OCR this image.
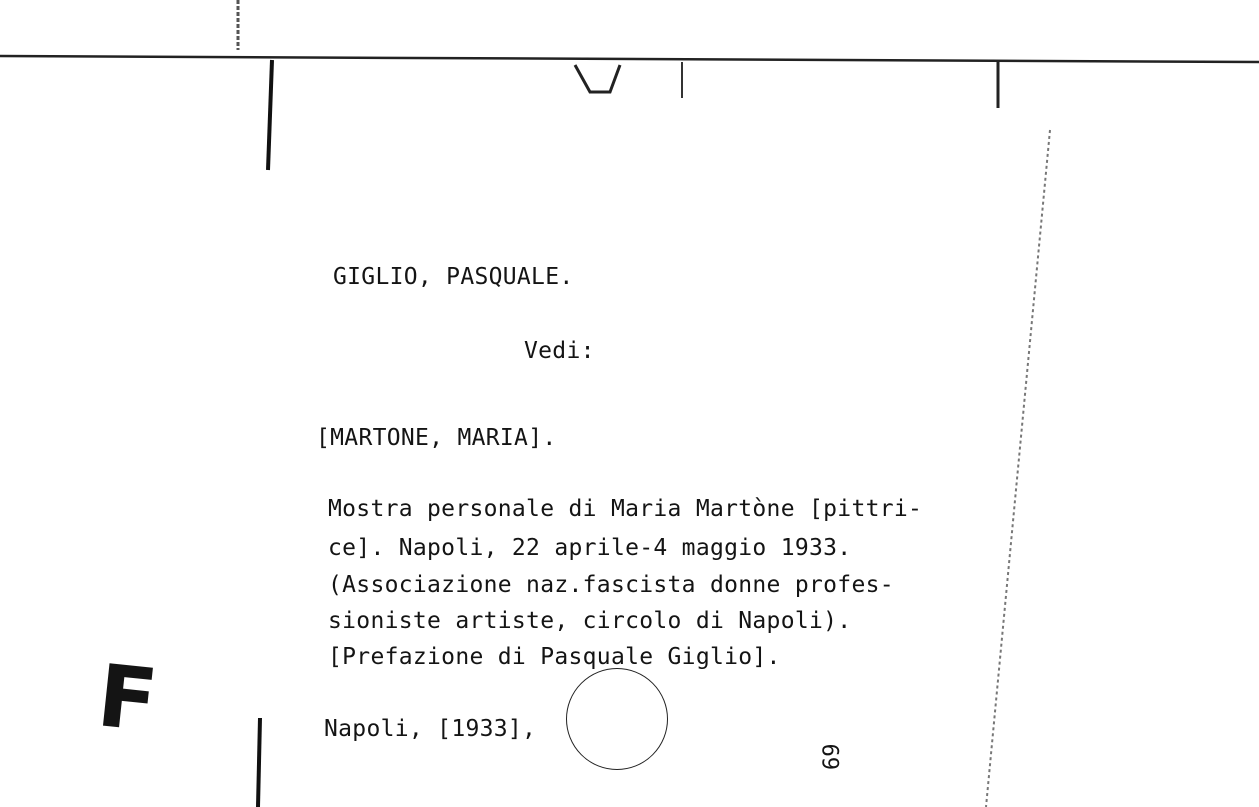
GIGLIO, PASQUALE.

Vedi:

[MARTONE, MARIA].

Mostra personale di Maria Martòne [pittri-

ce]. Napoli, 22 aprile-4 maggio 1933.

(Associazione naz.fascista donne profes-

sioniste artiste, circolo di Napoli).

[Prefazione di Pasquale Giglio].

Napoli, [1933],

F
69
